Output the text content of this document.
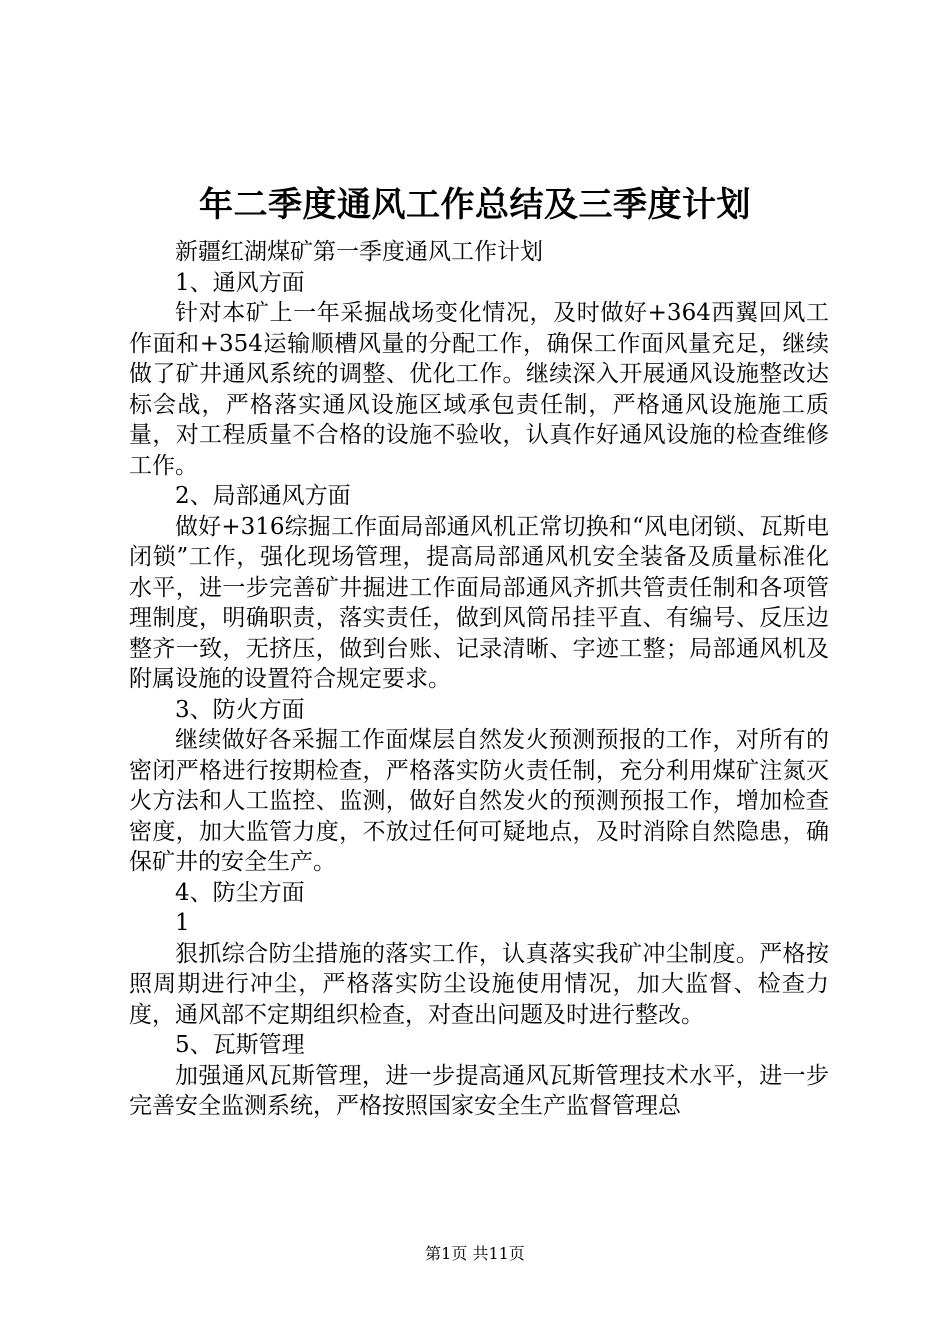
年二季度通风工作总结及三季度计划

新疆红湖煤矿第一季度通风工作计划

1、通风方面

针对本矿上一年采掘战场变化情况，及时做好+364西翼回风工作面和+354运输顺槽风量的分配工作，确保工作面风量充足，继续做了矿井通风系统的调整、优化工作。继续深入开展通风设施整改达标会战，严格落实通风设施区域承包责任制，严格通风设施施工质量，对工程质量不合格的设施不验收，认真作好通风设施的检查维修工作。

2、局部通风方面

做好+316综掘工作面局部通风机正常切换和“风电闭锁、瓦斯电闭锁”工作，强化现场管理，提高局部通风机安全装备及质量标准化水平，进一步完善矿井掘进工作面局部通风齐抓共管责任制和各项管理制度，明确职责，落实责任，做到风筒吊挂平直、有编号、反压边整齐一致，无挤压，做到台账、记录清晰、字迹工整；局部通风机及附属设施的设置符合规定要求。

3、防火方面

继续做好各采掘工作面煤层自然发火预测预报的工作，对所有的密闭严格进行按期检查，严格落实防火责任制，充分利用煤矿注氮灭火方法和人工监控、监测，做好自然发火的预测预报工作，增加检查密度，加大监管力度，不放过任何可疑地点，及时消除自然隐患，确保矿井的安全生产。

4、防尘方面

1

狠抓综合防尘措施的落实工作，认真落实我矿冲尘制度。严格按照周期进行冲尘，严格落实防尘设施使用情况，加大监督、检查力度，通风部不定期组织检查，对查出问题及时进行整改。

5、瓦斯管理

加强通风瓦斯管理，进一步提高通风瓦斯管理技术水平，进一步完善安全监测系统，严格按照国家安全生产监督管理总

第1页 共11页
